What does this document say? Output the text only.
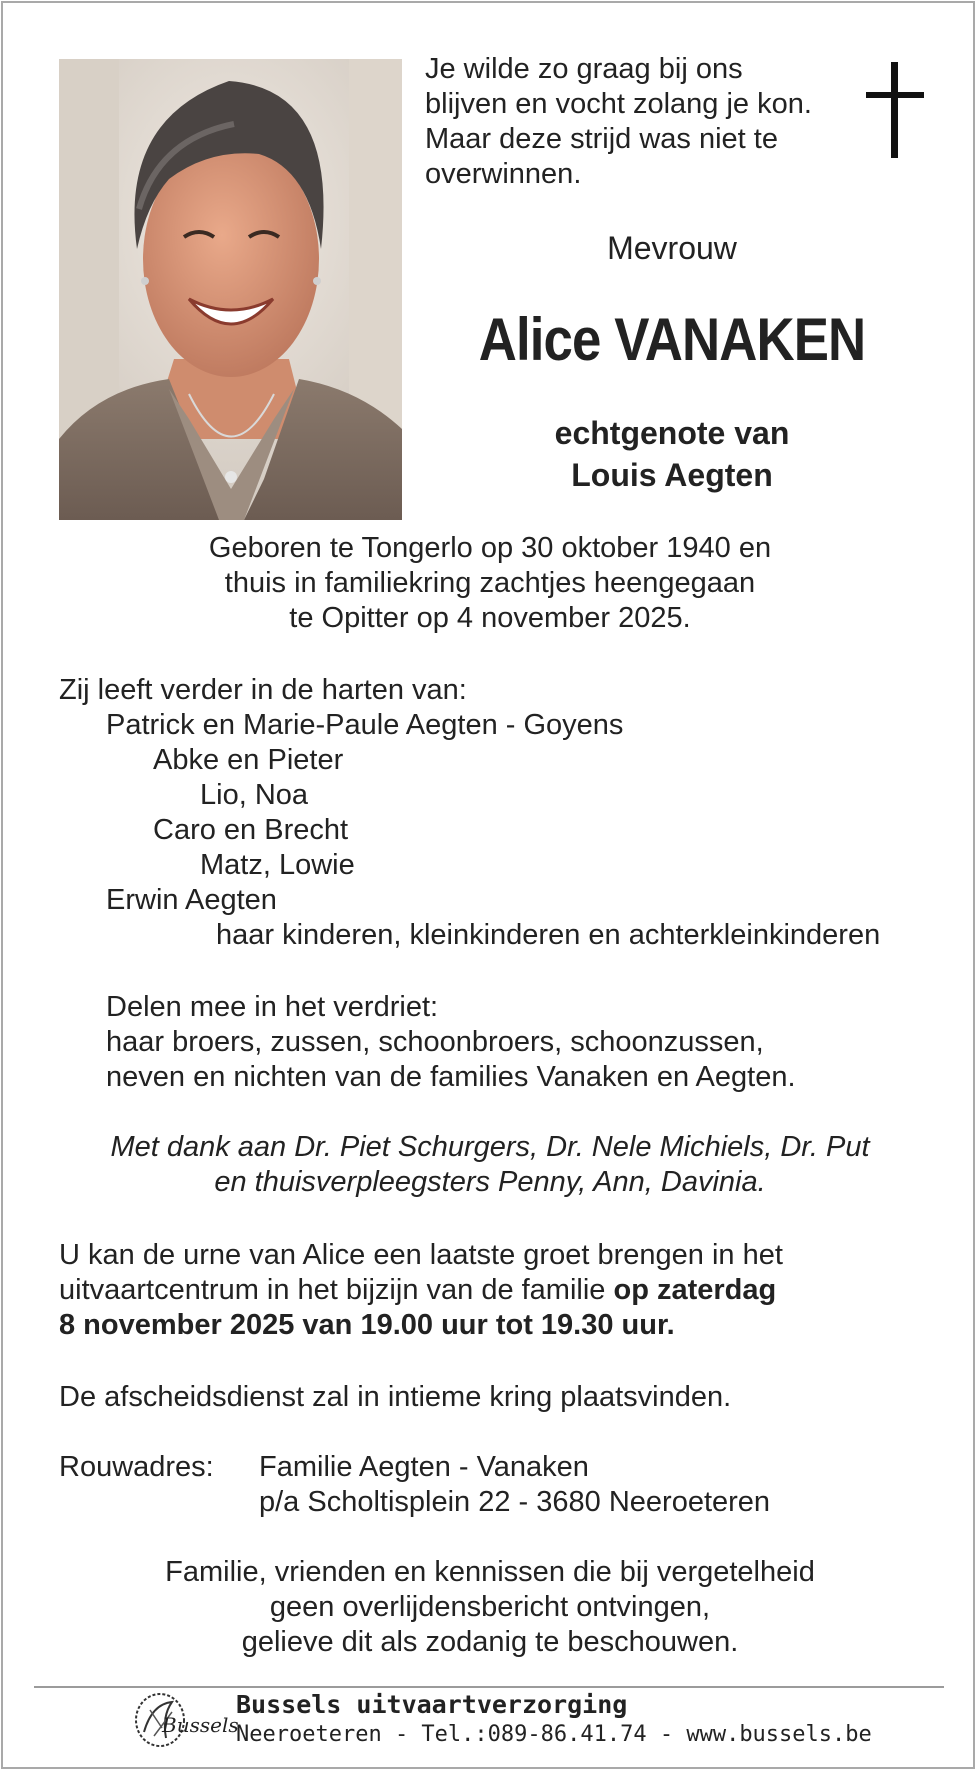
Je wilde zo graag bij ons
blijven en vocht zolang je kon.
Maar deze strijd was niet te
overwinnen.
Mevrouw
Alice VANAKEN
echtgenote van
Louis Aegten
Geboren te Tongerlo op 30 oktober 1940 en
thuis in familiekring zachtjes heengegaan
te Opitter op 4 november 2025.
Zij leeft verder in de harten van:
Patrick en Marie-Paule Aegten - Goyens
Abke en Pieter
Lio, Noa
Caro en Brecht
Matz, Lowie
Erwin Aegten
haar kinderen, kleinkinderen en achterkleinkinderen
Delen mee in het verdriet:
haar broers, zussen, schoonbroers, schoonzussen,
neven en nichten van de families Vanaken en Aegten.
Met dank aan Dr. Piet Schurgers, Dr. Nele Michiels, Dr. Put
en thuisverpleegsters Penny, Ann, Davinia.
U kan de urne van Alice een laatste groet brengen in het
uitvaartcentrum in het bijzijn van de familie op zaterdag
8 november 2025 van 19.00 uur tot 19.30 uur.
De afscheidsdienst zal in intieme kring plaatsvinden.
Rouwadres: Familie Aegten - Vanaken
p/a Scholtisplein 22 - 3680 Neeroeteren
Familie, vrienden en kennissen die bij vergetelheid
geen overlijdensbericht ontvingen,
gelieve dit als zodanig te beschouwen.
Bussels
Bussels uitvaartverzorging
Neeroeteren - Tel.:089-86.41.74 - www.bussels.be
